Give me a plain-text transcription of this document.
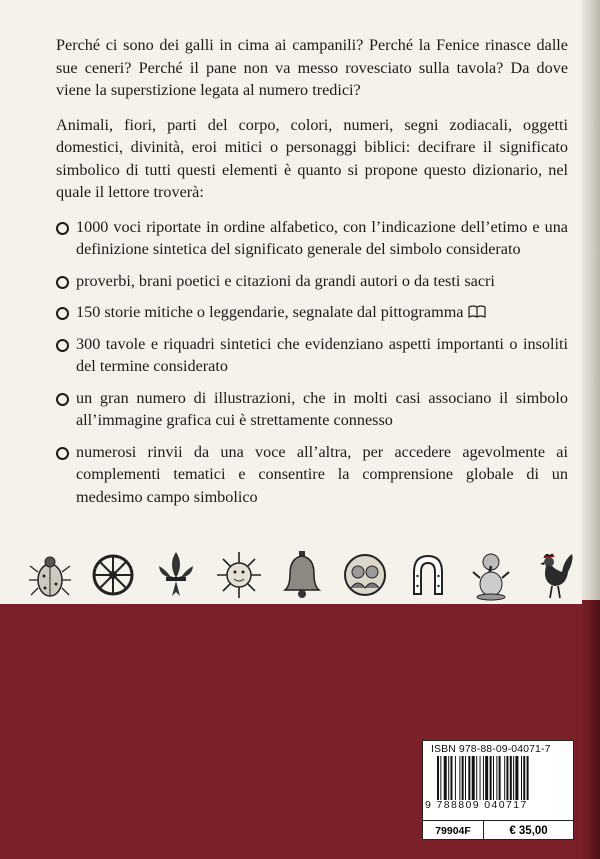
Perché ci sono dei galli in cima ai campanili? Perché la Fenice rinasce dalle sue ceneri? Perché il pane non va messo rovesciato sulla tavola? Da dove viene la superstizione legata al numero tredici?

Animali, fiori, parti del corpo, colori, numeri, segni zodiacali, oggetti domestici, divinità, eroi mitici o personaggi biblici: decifrare il significato simbolico di tutti questi elementi è quanto si propone questo dizionario, nel quale il lettore troverà:

1000 voci riportate in ordine alfabetico, con l’indicazione dell’etimo e una definizione sintetica del significato generale del simbolo considerato
proverbi, brani poetici e citazioni da grandi autori o da testi sacri
150 storie mitiche o leggendarie, segnalate dal pittogramma
300 tavole e riquadri sintetici che evidenziano aspetti importanti o insoliti del termine considerato
un gran numero di illustrazioni, che in molti casi associano il simbolo all’immagine grafica cui è strettamente connesso
numerosi rinvii da una voce all’altra, per accedere agevolmente ai complementi tematici e consentire la comprensione globale di un medesimo campo simbolico
ISBN 978-88-09-04071-7
9 788809 040717
79904F	€ 35,00
